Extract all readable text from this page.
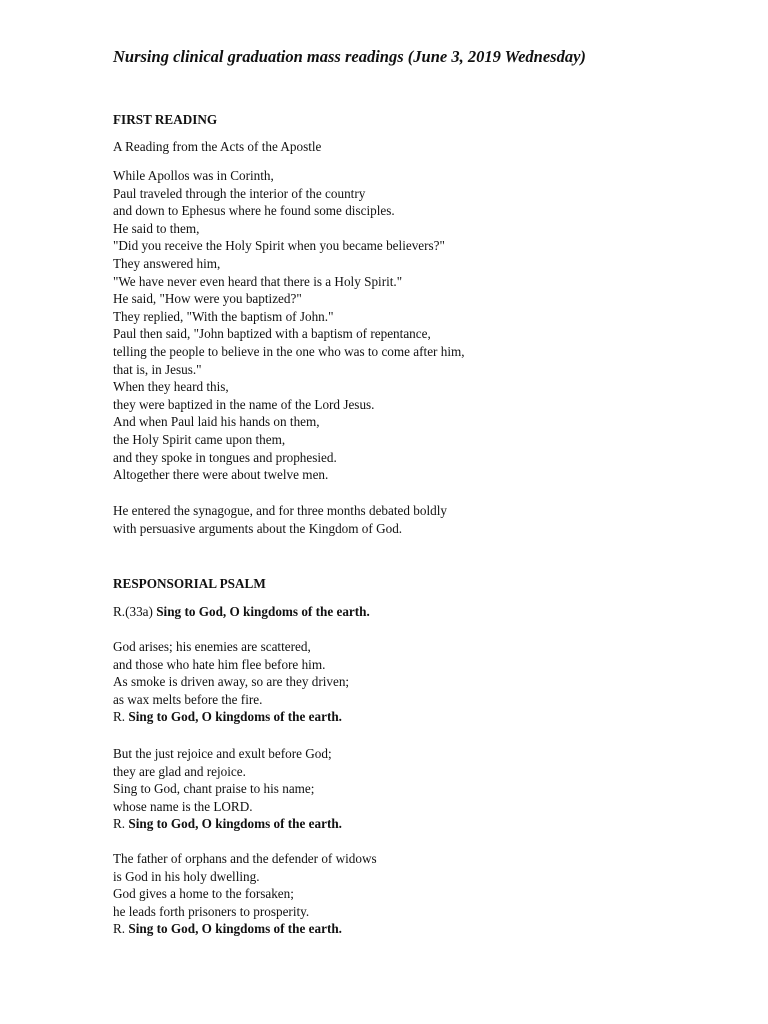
Nursing clinical graduation mass readings (June 3, 2019 Wednesday)
FIRST READING
A Reading from the Acts of the Apostle
While Apollos was in Corinth,
Paul traveled through the interior of the country
and down to Ephesus where he found some disciples.
He said to them,
"Did you receive the Holy Spirit when you became believers?"
They answered him,
"We have never even heard that there is a Holy Spirit."
He said, "How were you baptized?"
They replied, "With the baptism of John."
Paul then said, "John baptized with a baptism of repentance,
telling the people to believe in the one who was to come after him,
that is, in Jesus."
When they heard this,
they were baptized in the name of the Lord Jesus.
And when Paul laid his hands on them,
the Holy Spirit came upon them,
and they spoke in tongues and prophesied.
Altogether there were about twelve men.
He entered the synagogue, and for three months debated boldly
with persuasive arguments about the Kingdom of God.
RESPONSORIAL PSALM
R.(33a) Sing to God, O kingdoms of the earth.
God arises; his enemies are scattered,
and those who hate him flee before him.
As smoke is driven away, so are they driven;
as wax melts before the fire.
R. Sing to God, O kingdoms of the earth.
But the just rejoice and exult before God;
they are glad and rejoice.
Sing to God, chant praise to his name;
whose name is the LORD.
R. Sing to God, O kingdoms of the earth.
The father of orphans and the defender of widows
is God in his holy dwelling.
God gives a home to the forsaken;
he leads forth prisoners to prosperity.
R. Sing to God, O kingdoms of the earth.
